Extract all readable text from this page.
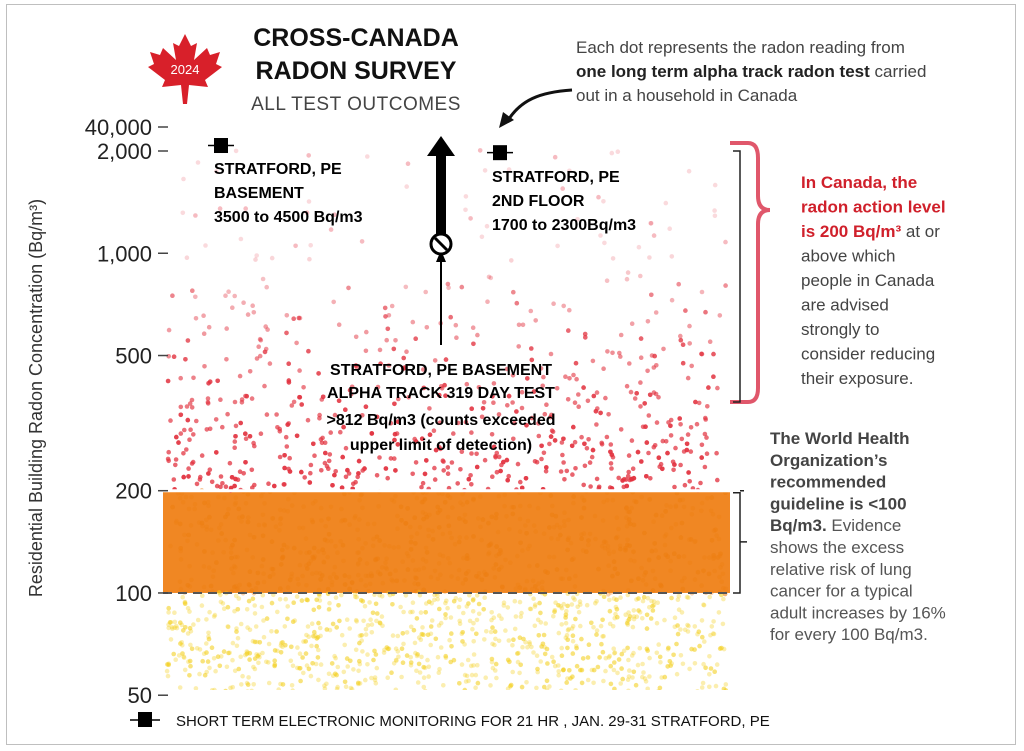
50
100
200
500
1,000
2,000
40,000
2024
CROSS-CANADA
RADON SURVEY
ALL TEST OUTCOMES
Residential Building Radon Concentration (Bq/m³)
Each dot represents the radon reading from
one long term alpha track radon test carried
out in a household in Canada
STRATFORD, PE
BASEMENT
3500 to 4500 Bq/m3
STRATFORD, PE
2ND FLOOR
1700 to 2300Bq/m3
STRATFORD, PE BASEMENT
ALPHA TRACK 319 DAY TEST
>812 Bq/m3 (counts exceeded
upper limit of detection)
In Canada, the
radon action level
is 200 Bq/m³ at or
above which
people in Canada
are advised
strongly to
consider reducing
their exposure.
The World Health
Organization’s
recommended
guideline is <100
Bq/m3. Evidence
shows the excess
relative risk of lung
cancer for a typical
adult increases by 16%
for every 100 Bq/m3.
SHORT TERM ELECTRONIC MONITORING FOR 21 HR , JAN. 29-31 STRATFORD, PE
